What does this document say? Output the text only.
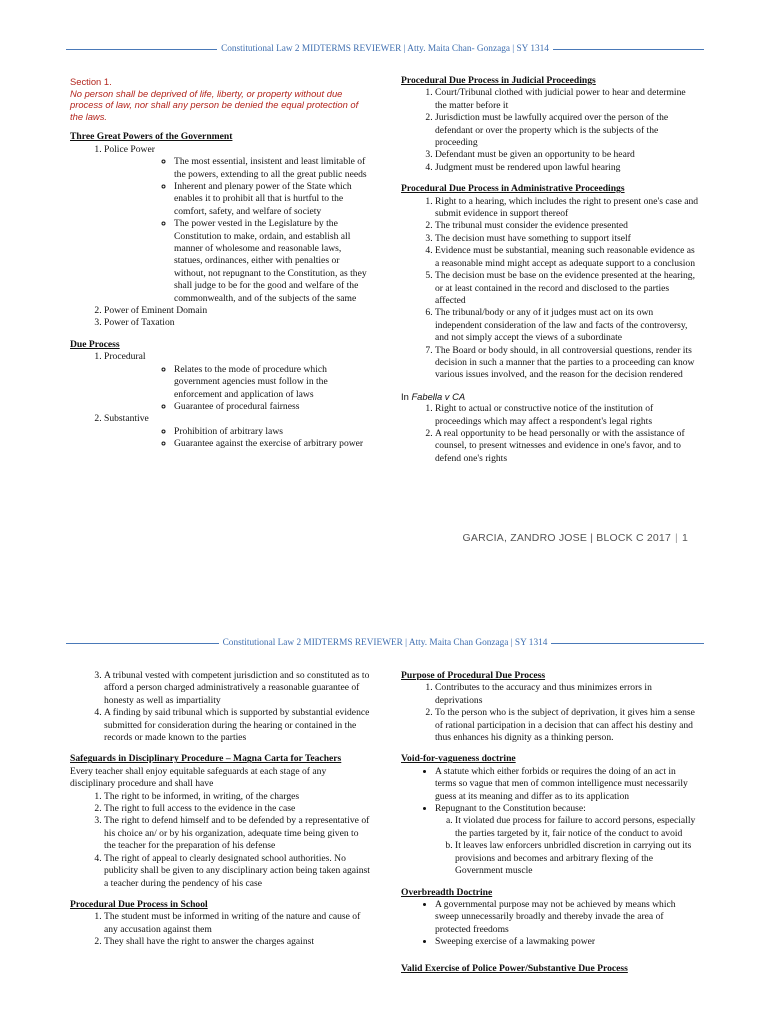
Constitutional Law 2 MIDTERMS REVIEWER | Atty. Maita Chan- Gonzaga | SY 1314

Section 1.

No person shall be deprived of life, liberty, or property without due process of law, nor shall any person be denied the equal protection of the laws.

Three Great Powers of the Government

1. Police Power
◦ The most essential, insistent and least limitable of the powers, extending to all the great public needs
◦ Inherent and plenary power of the State which enables it to prohibit all that is hurtful to the comfort, safety, and welfare of society
◦ The power vested in the Legislature by the Constitution to make, ordain, and establish all manner of wholesome and reasonable laws, statues, ordinances, either with penalties or without, not repugnant to the Constitution, as they shall judge to be for the good and welfare of the commonwealth, and of the subjects of the same
2. Power of Eminent Domain
3. Power of Taxation

Due Process

1. Procedural
◦ Relates to the mode of procedure which government agencies must follow in the enforcement and application of laws
◦ Guarantee of procedural fairness
2. Substantive
◦ Prohibition of arbitrary laws
◦ Guarantee against the exercise of arbitrary power

Procedural Due Process in Judicial Proceedings

1. Court/Tribunal clothed with judicial power to hear and determine the matter before it
2. Jurisdiction must be lawfully acquired over the person of the defendant or over the property which is the subjects of the proceeding
3. Defendant must be given an opportunity to be heard
4. Judgment must be rendered upon lawful hearing

Procedural Due Process in Administrative Proceedings

1. Right to a hearing, which includes the right to present one's case and submit evidence in support thereof
2. The tribunal must consider the evidence presented
3. The decision must have something to support itself
4. Evidence must be substantial, meaning such reasonable evidence as a reasonable mind might accept as adequate support to a conclusion
5. The decision must be base on the evidence presented at the hearing, or at least contained in the record and disclosed to the parties affected
6. The tribunal/body or any of it judges must act on its own independent consideration of the law and facts of the controversy, and not simply accept the views of a subordinate
7. The Board or body should, in all controversial questions, render its decision in such a manner that the parties to a proceeding can know various issues involved, and the reason for the decision rendered

In Fabella v CA

1. Right to actual or constructive notice of the institution of proceedings which may affect a respondent's legal rights
2. A real opportunity to be head personally or with the assistance of counsel, to present witnesses and evidence in one's favor, and to defend one's rights
GARCIA, ZANDRO JOSE | BLOCK C 2017 | 1
Constitutional Law 2 MIDTERMS REVIEWER | Atty. Maita Chan Gonzaga | SY 1314
3. A tribunal vested with competent jurisdiction and so constituted as to afford a person charged administratively a reasonable guarantee of honesty as well as impartiality
4. A finding by said tribunal which is supported by substantial evidence submitted for consideration during the hearing or contained in the records or made known to the parties

Safeguards in Disciplinary Procedure – Magna Carta for Teachers

Every teacher shall enjoy equitable safeguards at each stage of any disciplinary procedure and shall have

1. The right to be informed, in writing, of the charges
2. The right to full access to the evidence in the case
3. The right to defend himself and to be defended by a representative of his choice an/ or by his organization, adequate time being given to the teacher for the preparation of his defense
4. The right of appeal to clearly designated school authorities. No publicity shall be given to any disciplinary action being taken against a teacher during the pendency of his case

Procedural Due Process in School

1. The student must be informed in writing of the nature and cause of any accusation against them
2. They shall have the right to answer the charges against

Purpose of Procedural Due Process

1. Contributes to the accuracy and thus minimizes errors in deprivations
2. To the person who is the subject of deprivation, it gives him a sense of rational participation in a decision that can affect his destiny and thus enhances his dignity as a thinking person.

Void-for-vagueness doctrine

• A statute which either forbids or requires the doing of an act in terms so vague that men of common intelligence must necessarily guess at its meaning and differ as to its application
• Repugnant to the Constitution because:
a. It violated due process for failure to accord persons, especially the parties targeted by it, fair notice of the conduct to avoid
b. It leaves law enforcers unbridled discretion in carrying out its provisions and becomes and arbitrary flexing of the Government muscle

Overbreadth Doctrine

• A governmental purpose may not be achieved by means which sweep unnecessarily broadly and thereby invade the area of protected freedoms
• Sweeping exercise of a lawmaking power

Valid Exercise of Police Power/Substantive Due Process
